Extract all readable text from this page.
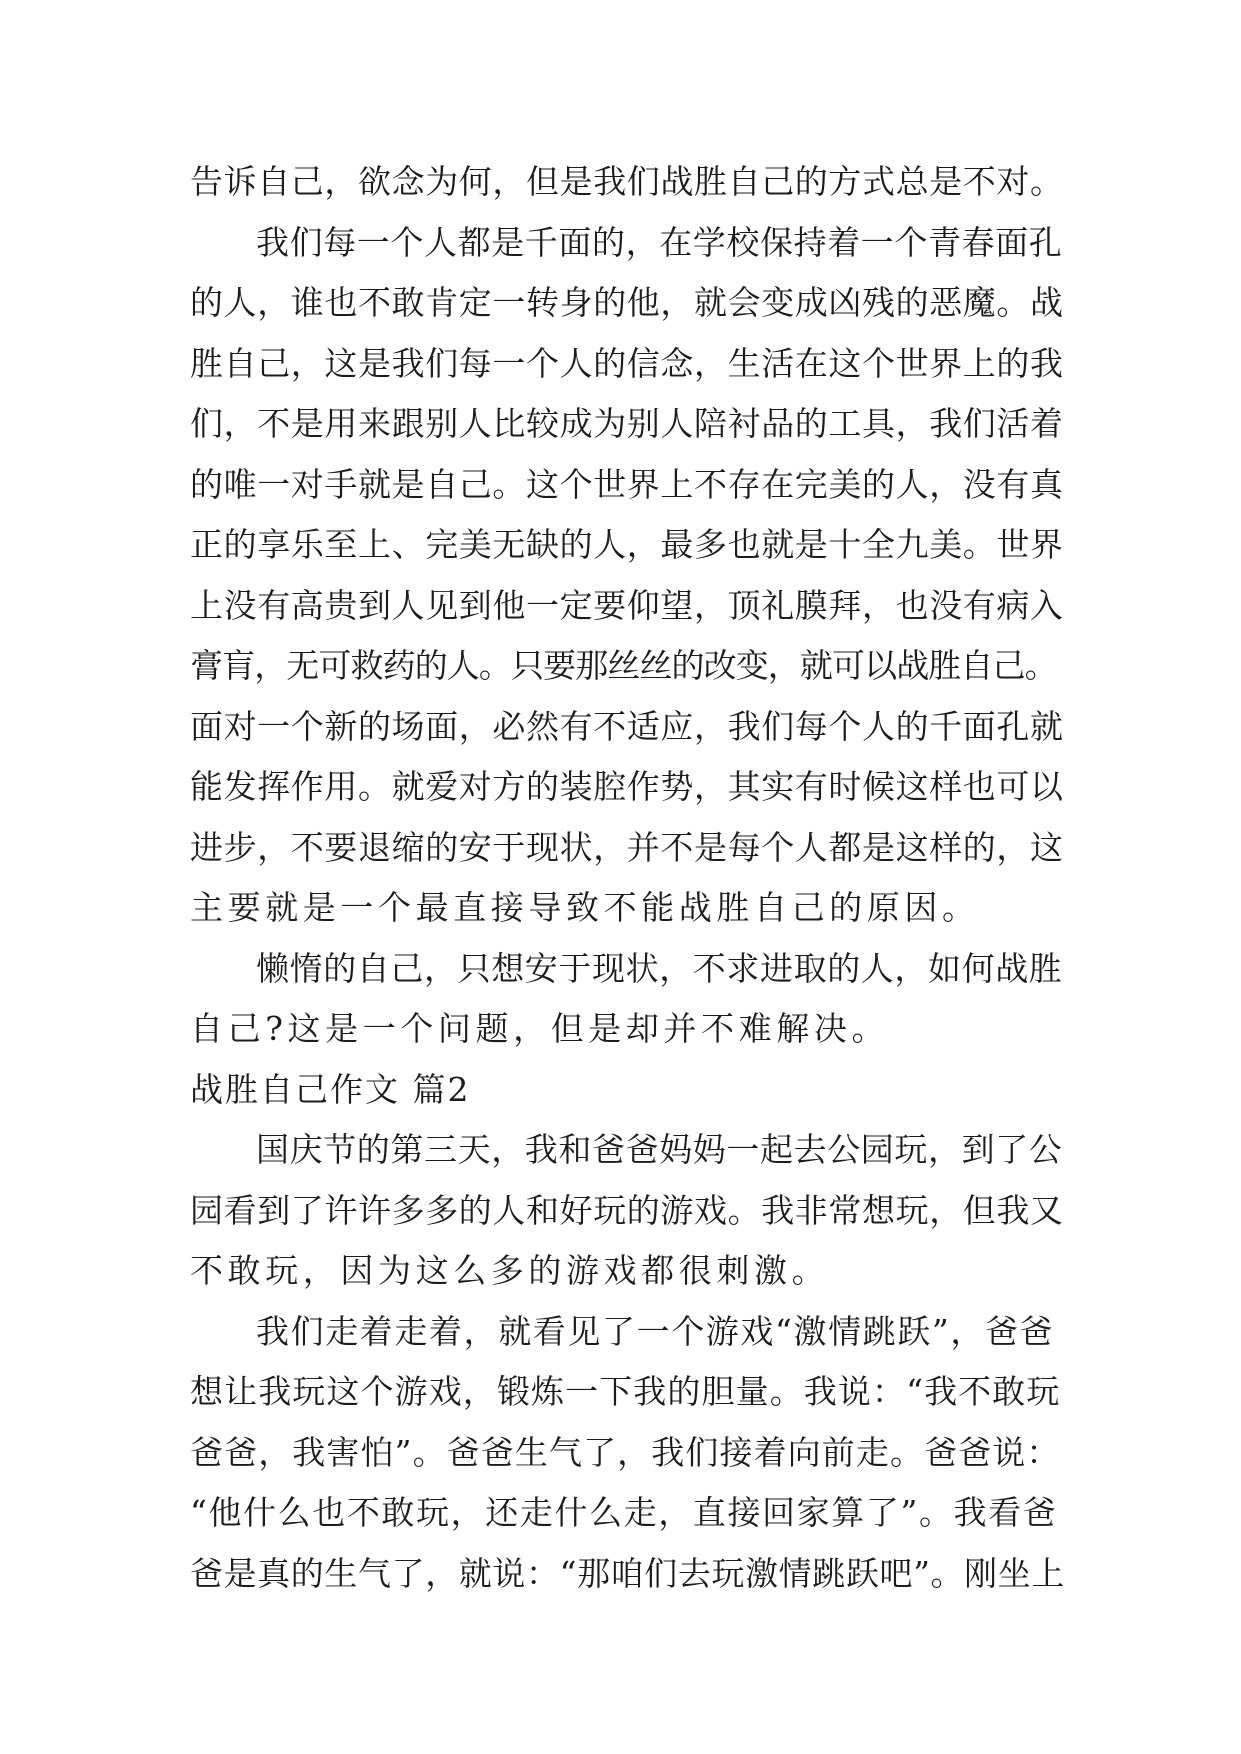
告诉自己，欲念为何，但是我们战胜自己的方式总是不对。
我们每一个人都是千面的，在学校保持着一个青春面孔
的人，谁也不敢肯定一转身的他，就会变成凶残的恶魔。战
胜自己，这是我们每一个人的信念，生活在这个世界上的我
们，不是用来跟别人比较成为别人陪衬品的工具，我们活着
的唯一对手就是自己。这个世界上不存在完美的人，没有真
正的享乐至上、完美无缺的人，最多也就是十全九美。世界
上没有高贵到人见到他一定要仰望，顶礼膜拜，也没有病入
膏肓，无可救药的人。只要那丝丝的改变，就可以战胜自己。
面对一个新的场面，必然有不适应，我们每个人的千面孔就
能发挥作用。就爱对方的装腔作势，其实有时候这样也可以
进步，不要退缩的安于现状，并不是每个人都是这样的，这
主要就是一个最直接导致不能战胜自己的原因。
懒惰的自己，只想安于现状，不求进取的人，如何战胜
自己?这是一个问题，但是却并不难解决。
战胜自己作文 篇2
国庆节的第三天，我和爸爸妈妈一起去公园玩，到了公
园看到了许许多多的人和好玩的游戏。我非常想玩，但我又
不敢玩，因为这么多的游戏都很刺激。
我们走着走着，就看见了一个游戏“激情跳跃”，爸爸
想让我玩这个游戏，锻炼一下我的胆量。我说：“我不敢玩
爸爸，我害怕”。爸爸生气了，我们接着向前走。爸爸说：
“他什么也不敢玩，还走什么走，直接回家算了”。我看爸
爸是真的生气了，就说：“那咱们去玩激情跳跃吧”。刚坐上
